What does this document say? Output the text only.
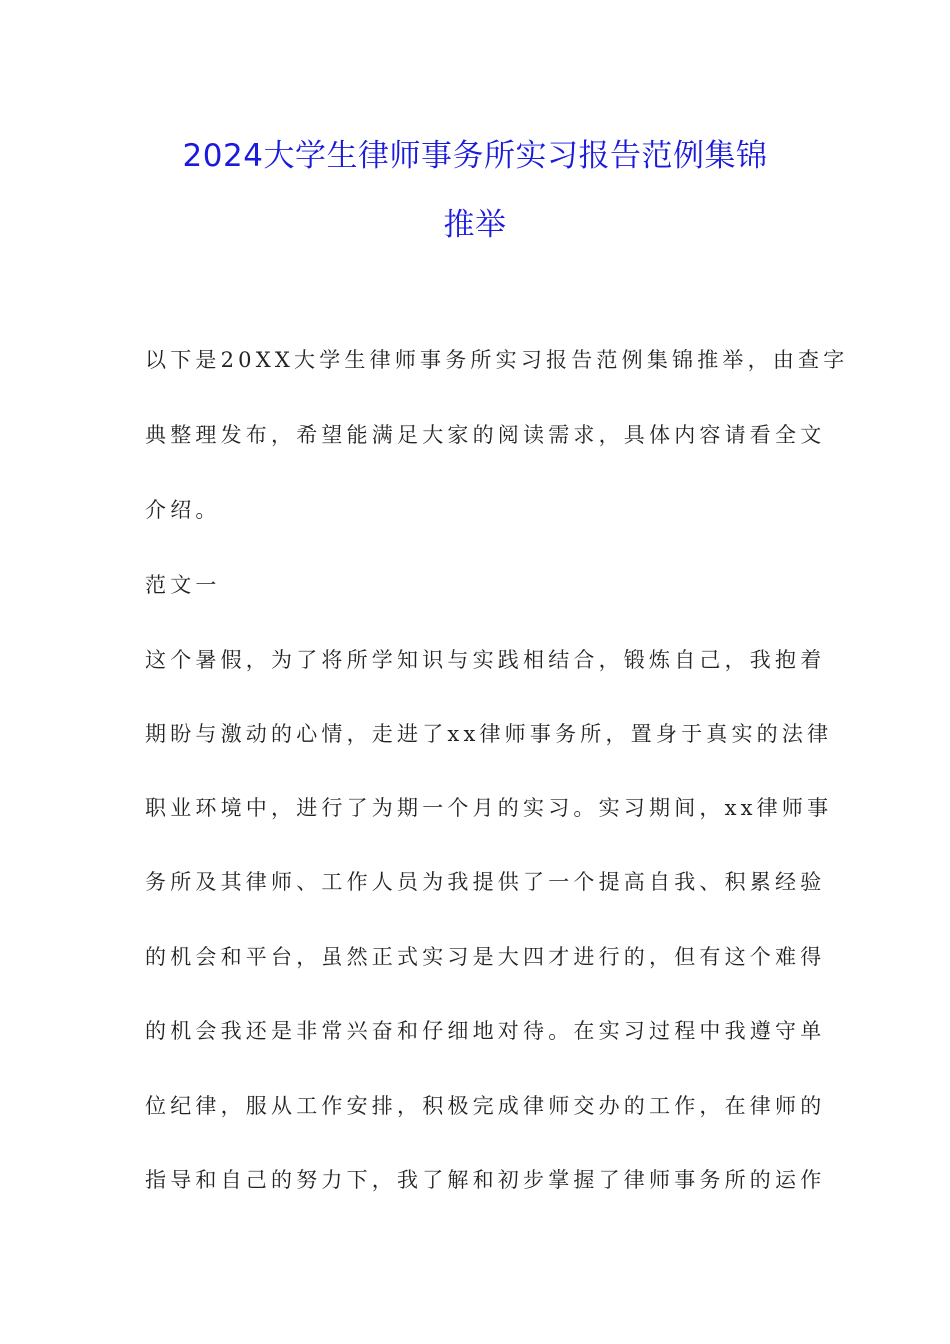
2024大学生律师事务所实习报告范例集锦
推举

以下是20XX大学生律师事务所实习报告范例集锦推举，由查字

典整理发布，希望能满足大家的阅读需求，具体内容请看全文

介绍。

范文一

这个暑假，为了将所学知识与实践相结合，锻炼自己，我抱着

期盼与激动的心情，走进了xx律师事务所，置身于真实的法律

职业环境中，进行了为期一个月的实习。实习期间，xx律师事

务所及其律师、工作人员为我提供了一个提高自我、积累经验

的机会和平台，虽然正式实习是大四才进行的，但有这个难得

的机会我还是非常兴奋和仔细地对待。在实习过程中我遵守单

位纪律，服从工作安排，积极完成律师交办的工作，在律师的

指导和自己的努力下，我了解和初步掌握了律师事务所的运作
